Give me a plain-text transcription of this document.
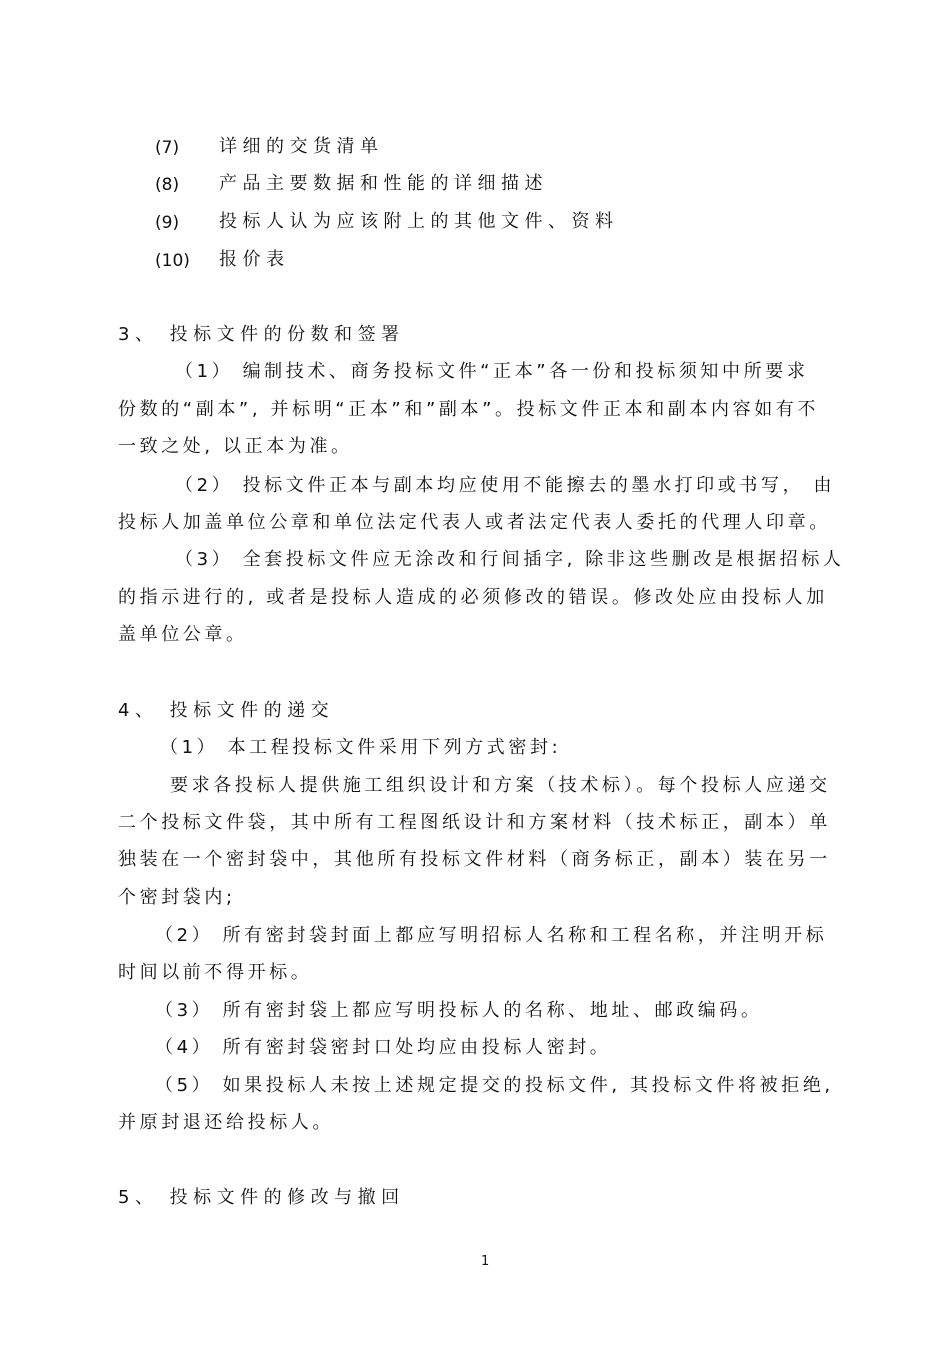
(7) 详细的交货清单
(8) 产品主要数据和性能的详细描述
(9) 投标人认为应该附上的其他文件、资料
(10) 报价表
3、 投标文件的份数和签署
（1） 编制技术、商务投标文件“正本”各一份和投标须知中所要求
份数的“副本”, 并标明“正本”和”副本”。投标文件正本和副本内容如有不
一致之处, 以正本为准。
（2） 投标文件正本与副本均应使用不能擦去的墨水打印或书写， 由
投标人加盖单位公章和单位法定代表人或者法定代表人委托的代理人印章。
（3） 全套投标文件应无涂改和行间插字, 除非这些删改是根据招标人
的指示进行的, 或者是投标人造成的必须修改的错误。修改处应由投标人加
盖单位公章。
4、 投标文件的递交
（1） 本工程投标文件采用下列方式密封:
要求各投标人提供施工组织设计和方案（技术标）。每个投标人应递交
二个投标文件袋，其中所有工程图纸设计和方案材料（技术标正，副本）单
独装在一个密封袋中，其他所有投标文件材料（商务标正，副本）装在另一
个密封袋内;
（2） 所有密封袋封面上都应写明招标人名称和工程名称，并注明开标
时间以前不得开标。
（3） 所有密封袋上都应写明投标人的名称、地址、邮政编码。
（4） 所有密封袋密封口处均应由投标人密封。
（5） 如果投标人未按上述规定提交的投标文件, 其投标文件将被拒绝,
并原封退还给投标人。
5、 投标文件的修改与撤回
1
